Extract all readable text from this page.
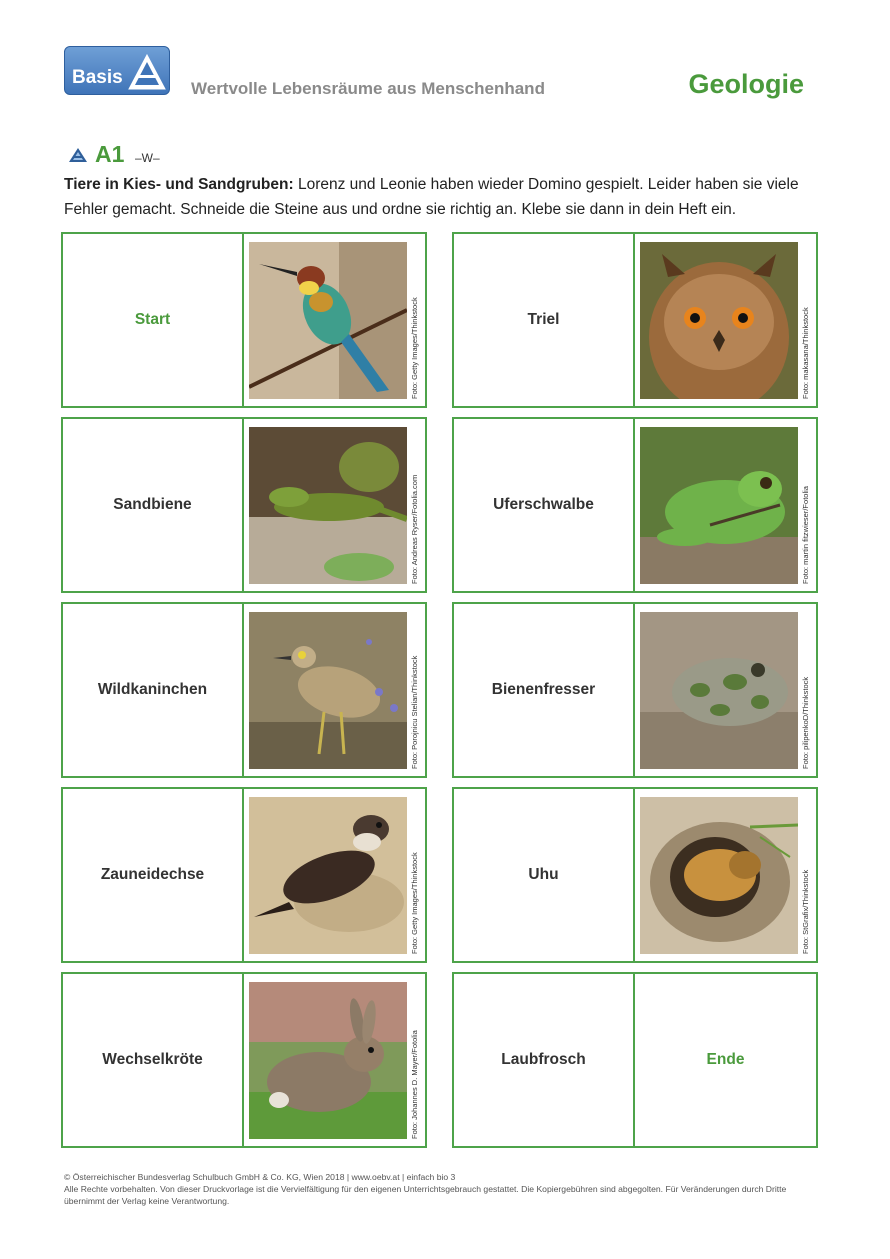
Basis
Wertvolle Lebensräume aus Menschenhand	Geologie
A1 –W–
Tiere in Kies- und Sandgruben: Lorenz und Leonie haben wieder Domino gespielt. Leider haben sie viele Fehler gemacht. Schneide die Steine aus und ordne sie richtig an. Klebe sie dann in dein Heft ein.
Start	Foto: Getty Images/Thinkstock	Triel	Foto: makasana/Thinkstock
Sandbiene	Foto: Andreas Ryser/Fotolia.com	Uferschwalbe	Foto: martin fitzwieser/Fotolia
Wildkaninchen	Foto: Porojnicu Stelian/Thinkstock	Bienenfresser	Foto: pilipenkoD/Thinkstock
Zauneidechse	Foto: Getty Images/Thinkstock	Uhu	Foto: StGrafix/Thinkstock
Wechselkröte	Foto: Johannes D. Mayer/Fotolia	Laubfrosch	Ende
© Österreichischer Bundesverlag Schulbuch GmbH & Co. KG, Wien 2018 | www.oebv.at | einfach bio 3
Alle Rechte vorbehalten. Von dieser Druckvorlage ist die Vervielfältigung für den eigenen Unterrichtsgebrauch gestattet. Die Kopiergebühren sind abgegolten. Für Veränderungen durch Dritte übernimmt der Verlag keine Verantwortung.
